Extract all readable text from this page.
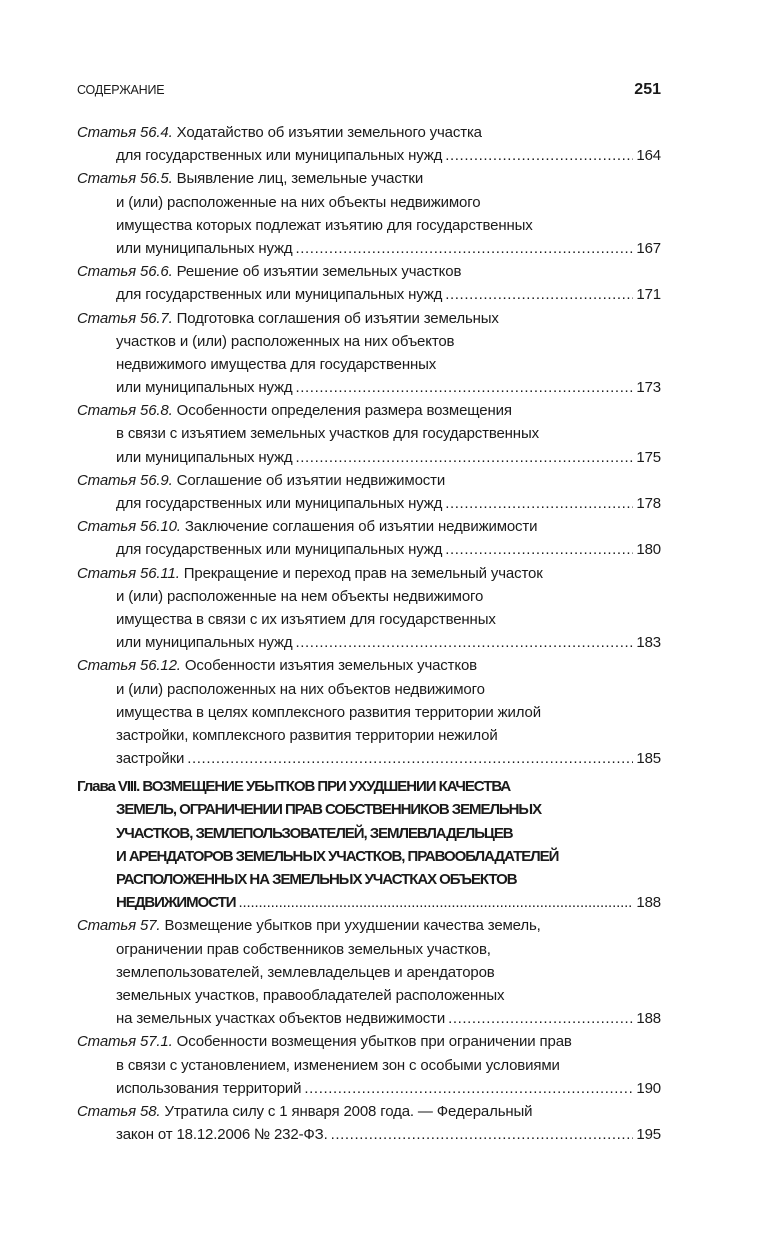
СОДЕРЖАНИЕ	251
Статья 56.4. Ходатайство об изъятии земельного участка
для государственных или муниципальных нужд .....	164
Статья 56.5. Выявление лиц, земельные участки
и (или) расположенные на них объекты недвижимого
имущества которых подлежат изъятию для государственных
или муниципальных нужд .....	167
Статья 56.6. Решение об изъятии земельных участков
для государственных или муниципальных нужд .....	171
Статья 56.7. Подготовка соглашения об изъятии земельных
участков и (или) расположенных на них объектов
недвижимого имущества для государственных
или муниципальных нужд .....	173
Статья 56.8. Особенности определения размера возмещения
в связи с изъятием земельных участков для государственных
или муниципальных нужд .....	175
Статья 56.9. Соглашение об изъятии недвижимости
для государственных или муниципальных нужд .....	178
Статья 56.10. Заключение соглашения об изъятии недвижимости
для государственных или муниципальных нужд .....	180
Статья 56.11. Прекращение и переход прав на земельный участок
и (или) расположенные на нем объекты недвижимого
имущества в связи с их изъятием для государственных
или муниципальных нужд .....	183
Статья 56.12. Особенности изъятия земельных участков
и (или) расположенных на них объектов недвижимого
имущества в целях комплексного развития территории жилой
застройки, комплексного развития территории нежилой
застройки .....	185
Глава VIII. ВОЗМЕЩЕНИЕ УБЫТКОВ ПРИ УХУДШЕНИИ КАЧЕСТВА
ЗЕМЕЛЬ, ОГРАНИЧЕНИИ ПРАВ СОБСТВЕННИКОВ ЗЕМЕЛЬНЫХ
УЧАСТКОВ, ЗЕМЛЕПОЛЬЗОВАТЕЛЕЙ, ЗЕМЛЕВЛАДЕЛЬЦЕВ
И АРЕНДАТОРОВ ЗЕМЕЛЬНЫХ УЧАСТКОВ, ПРАВООБЛАДАТЕЛЕЙ
РАСПОЛОЖЕННЫХ НА ЗЕМЕЛЬНЫХ УЧАСТКАХ ОБЪЕКТОВ
НЕДВИЖИМОСТИ .....	188
Статья 57. Возмещение убытков при ухудшении качества земель,
ограничении прав собственников земельных участков,
землепользователей, землевладельцев и арендаторов
земельных участков, правообладателей расположенных
на земельных участках объектов недвижимости .....	188
Статья 57.1. Особенности возмещения убытков при ограничении прав
в связи с установлением, изменением зон с особыми условиями
использования территорий .....	190
Статья 58. Утратила силу с 1 января 2008 года. — Федеральный
закон от 18.12.2006 № 232-ФЗ. .....	195
